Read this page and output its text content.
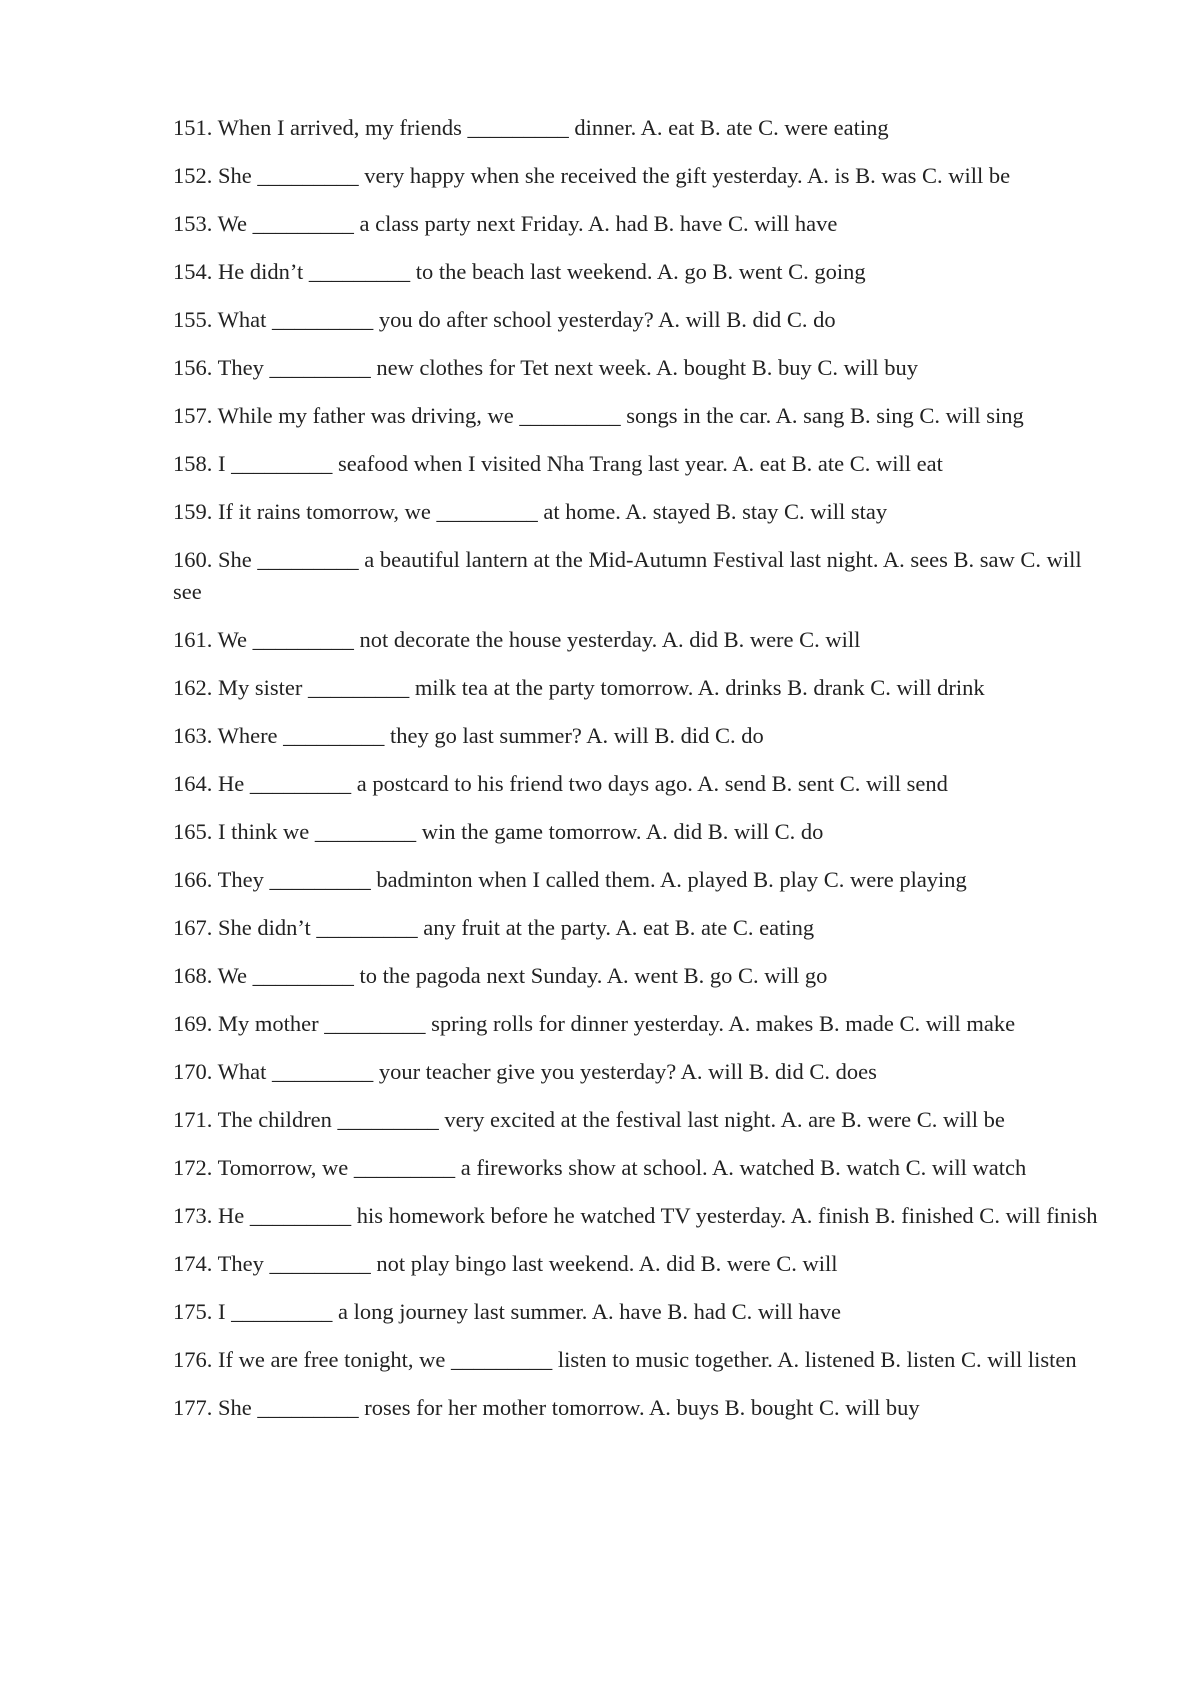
151. When I arrived, my friends _________ dinner. A. eat B. ate C. were eating

152. She _________ very happy when she received the gift yesterday. A. is B. was C. will be

153. We _________ a class party next Friday. A. had B. have C. will have

154. He didn’t _________ to the beach last weekend. A. go B. went C. going

155. What _________ you do after school yesterday? A. will B. did C. do

156. They _________ new clothes for Tet next week. A. bought B. buy C. will buy

157. While my father was driving, we _________ songs in the car. A. sang B. sing C. will sing

158. I _________ seafood when I visited Nha Trang last year. A. eat B. ate C. will eat

159. If it rains tomorrow, we _________ at home. A. stayed B. stay C. will stay

160. She _________ a beautiful lantern at the Mid-Autumn Festival last night. A. sees B. saw C. will see

161. We _________ not decorate the house yesterday. A. did B. were C. will

162. My sister _________ milk tea at the party tomorrow. A. drinks B. drank C. will drink

163. Where _________ they go last summer? A. will B. did C. do

164. He _________ a postcard to his friend two days ago. A. send B. sent C. will send

165. I think we _________ win the game tomorrow. A. did B. will C. do

166. They _________ badminton when I called them. A. played B. play C. were playing

167. She didn’t _________ any fruit at the party. A. eat B. ate C. eating

168. We _________ to the pagoda next Sunday. A. went B. go C. will go

169. My mother _________ spring rolls for dinner yesterday. A. makes B. made C. will make

170. What _________ your teacher give you yesterday? A. will B. did C. does

171. The children _________ very excited at the festival last night. A. are B. were C. will be

172. Tomorrow, we _________ a fireworks show at school. A. watched B. watch C. will watch

173. He _________ his homework before he watched TV yesterday. A. finish B. finished C. will finish

174. They _________ not play bingo last weekend. A. did B. were C. will

175. I _________ a long journey last summer. A. have B. had C. will have

176. If we are free tonight, we _________ listen to music together. A. listened B. listen C. will listen

177. She _________ roses for her mother tomorrow. A. buys B. bought C. will buy
